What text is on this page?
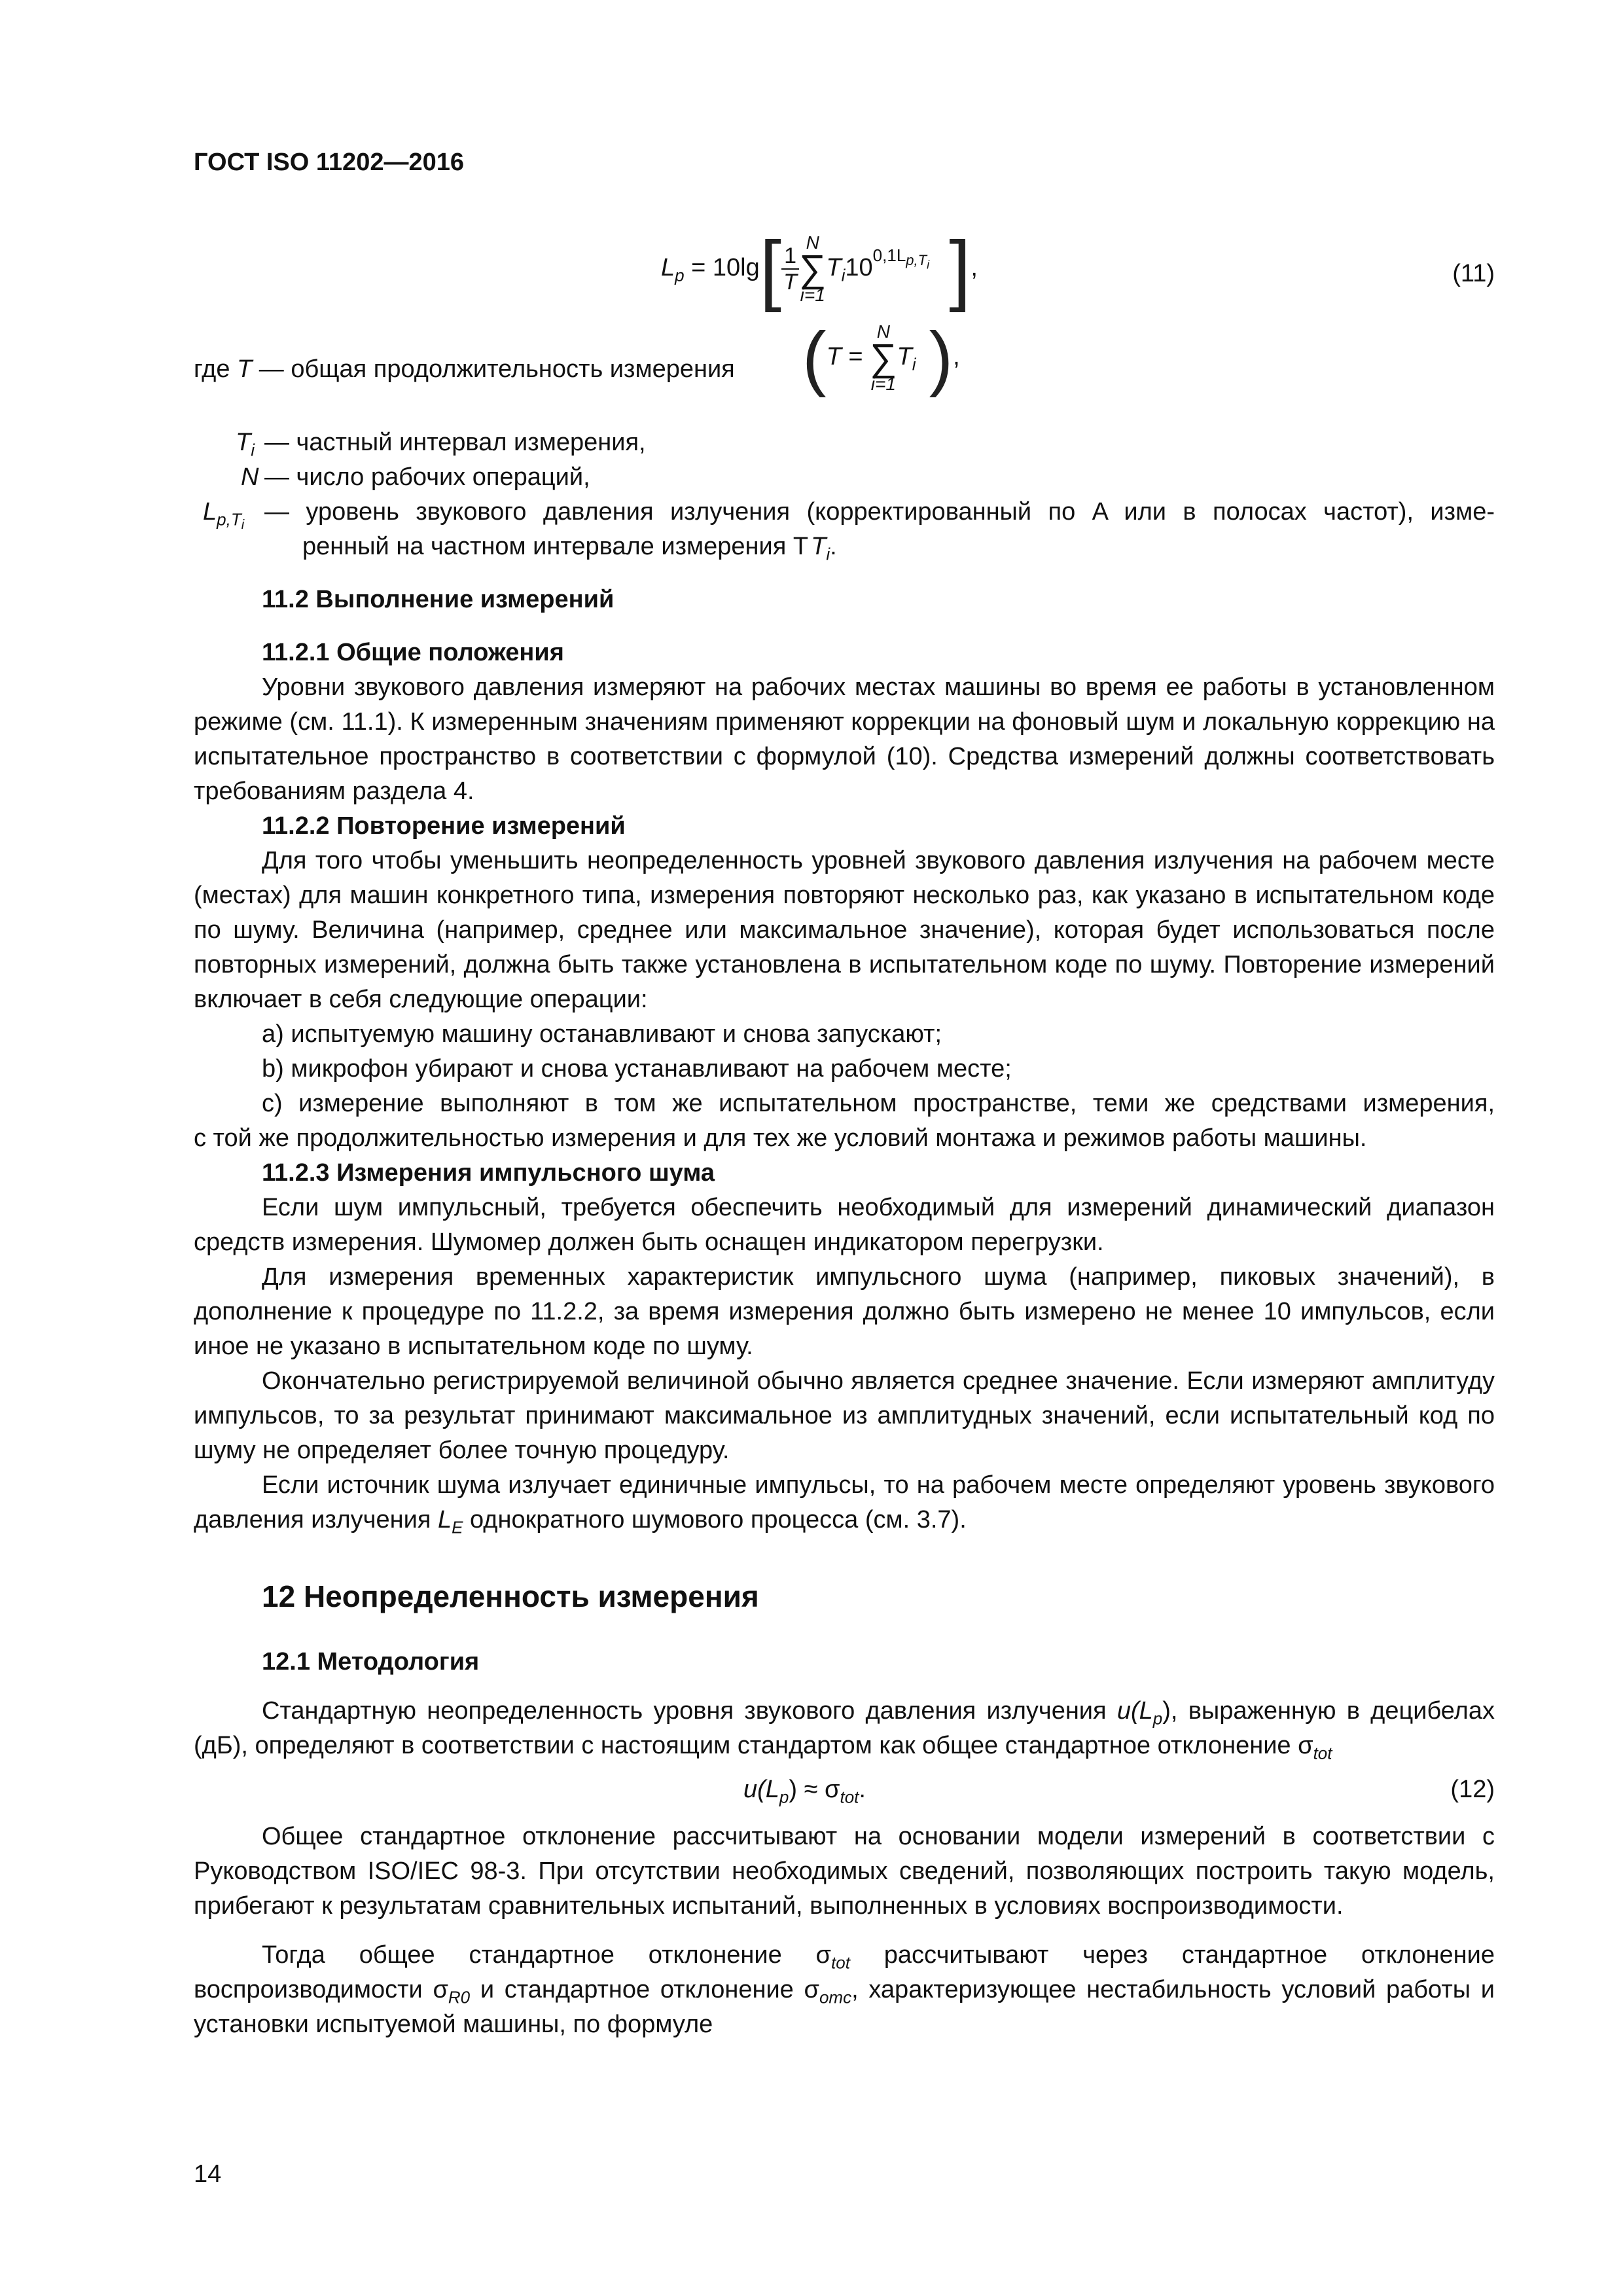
ГОСТ ISO 11202—2016
$L_p = 10\lg[ \frac{1}{T}$
N
∑
i=1
$T_i10^{0,1L_{p,T_i}}$ ],	(11)
где T — общая продолжительность измерения (T =
N
∑
i=1
$T_i$ ),
$T_i$ — частный интервал измерения,
N — число рабочих операций,
$L_{p,Ti}$ — уровень звукового давления излучения (корректированный по A или в полосах частот), изме-
ренный на частном интервале измерения T $T_i$.

11.2 Выполнение измерений

11.2.1 Общие положения

Уровни звукового давления измеряют на рабочих местах машины во время ее работы в установленном режиме (см. 11.1). К измеренным значениям применяют коррекции на фоновый шум и локальную коррекцию на испытательное пространство в соответствии с формулой (10). Средства измерений должны соответствовать требованиям раздела 4.

11.2.2 Повторение измерений

Для того чтобы уменьшить неопределенность уровней звукового давления излучения на рабочем месте (местах) для машин конкретного типа, измерения повторяют несколько раз, как указано в испытательном коде по шуму. Величина (например, среднее или максимальное значение), которая будет использоваться после повторных измерений, должна быть также установлена в испытательном коде по шуму. Повторение измерений включает в себя следующие операции:

a) испытуемую машину останавливают и снова запускают;

b) микрофон убирают и снова устанавливают на рабочем месте;

c) измерение выполняют в том же испытательном пространстве, теми же средствами измерения,

с той же продолжительностью измерения и для тех же условий монтажа и режимов работы машины.

11.2.3 Измерения импульсного шума

Если шум импульсный, требуется обеспечить необходимый для измерений динамический диапазон средств измерения. Шумомер должен быть оснащен индикатором перегрузки.

Для измерения временных характеристик импульсного шума (например, пиковых значений), в дополнение к процедуре по 11.2.2, за время измерения должно быть измерено не менее 10 импульсов, если иное не указано в испытательном коде по шуму.

Окончательно регистрируемой величиной обычно является среднее значение. Если измеряют амплитуду импульсов, то за результат принимают максимальное из амплитудных значений, если испытательный код по шуму не определяет более точную процедуру.

Если источник шума излучает единичные импульсы, то на рабочем месте определяют уровень звукового давления излучения $L_E$ однократного шумового процесса (см. 3.7).

12 Неопределенность измерения

12.1 Методология

Стандартную неопределенность уровня звукового давления излучения $u(L_p)$, выраженную в децибелах (дБ), определяют в соответствии с настоящим стандартом как общее стандартное отклонение $\sigma_{tot}$

$u(L_p) \approx \sigma_{tot}$.	(12)

Общее стандартное отклонение рассчитывают на основании модели измерений в соответствии с Руководством ISO/IEC 98-3. При отсутствии необходимых сведений, позволяющих построить такую модель, прибегают к результатам сравнительных испытаний, выполненных в условиях воспроизводимости.

Тогда общее стандартное отклонение $\sigma_{tot}$ рассчитывают через стандартное отклонение воспроизводимости $\sigma_{R0}$ и стандартное отклонение $\sigma_{omc}$, характеризующее нестабильность условий работы и установки испытуемой машины, по формуле

14
